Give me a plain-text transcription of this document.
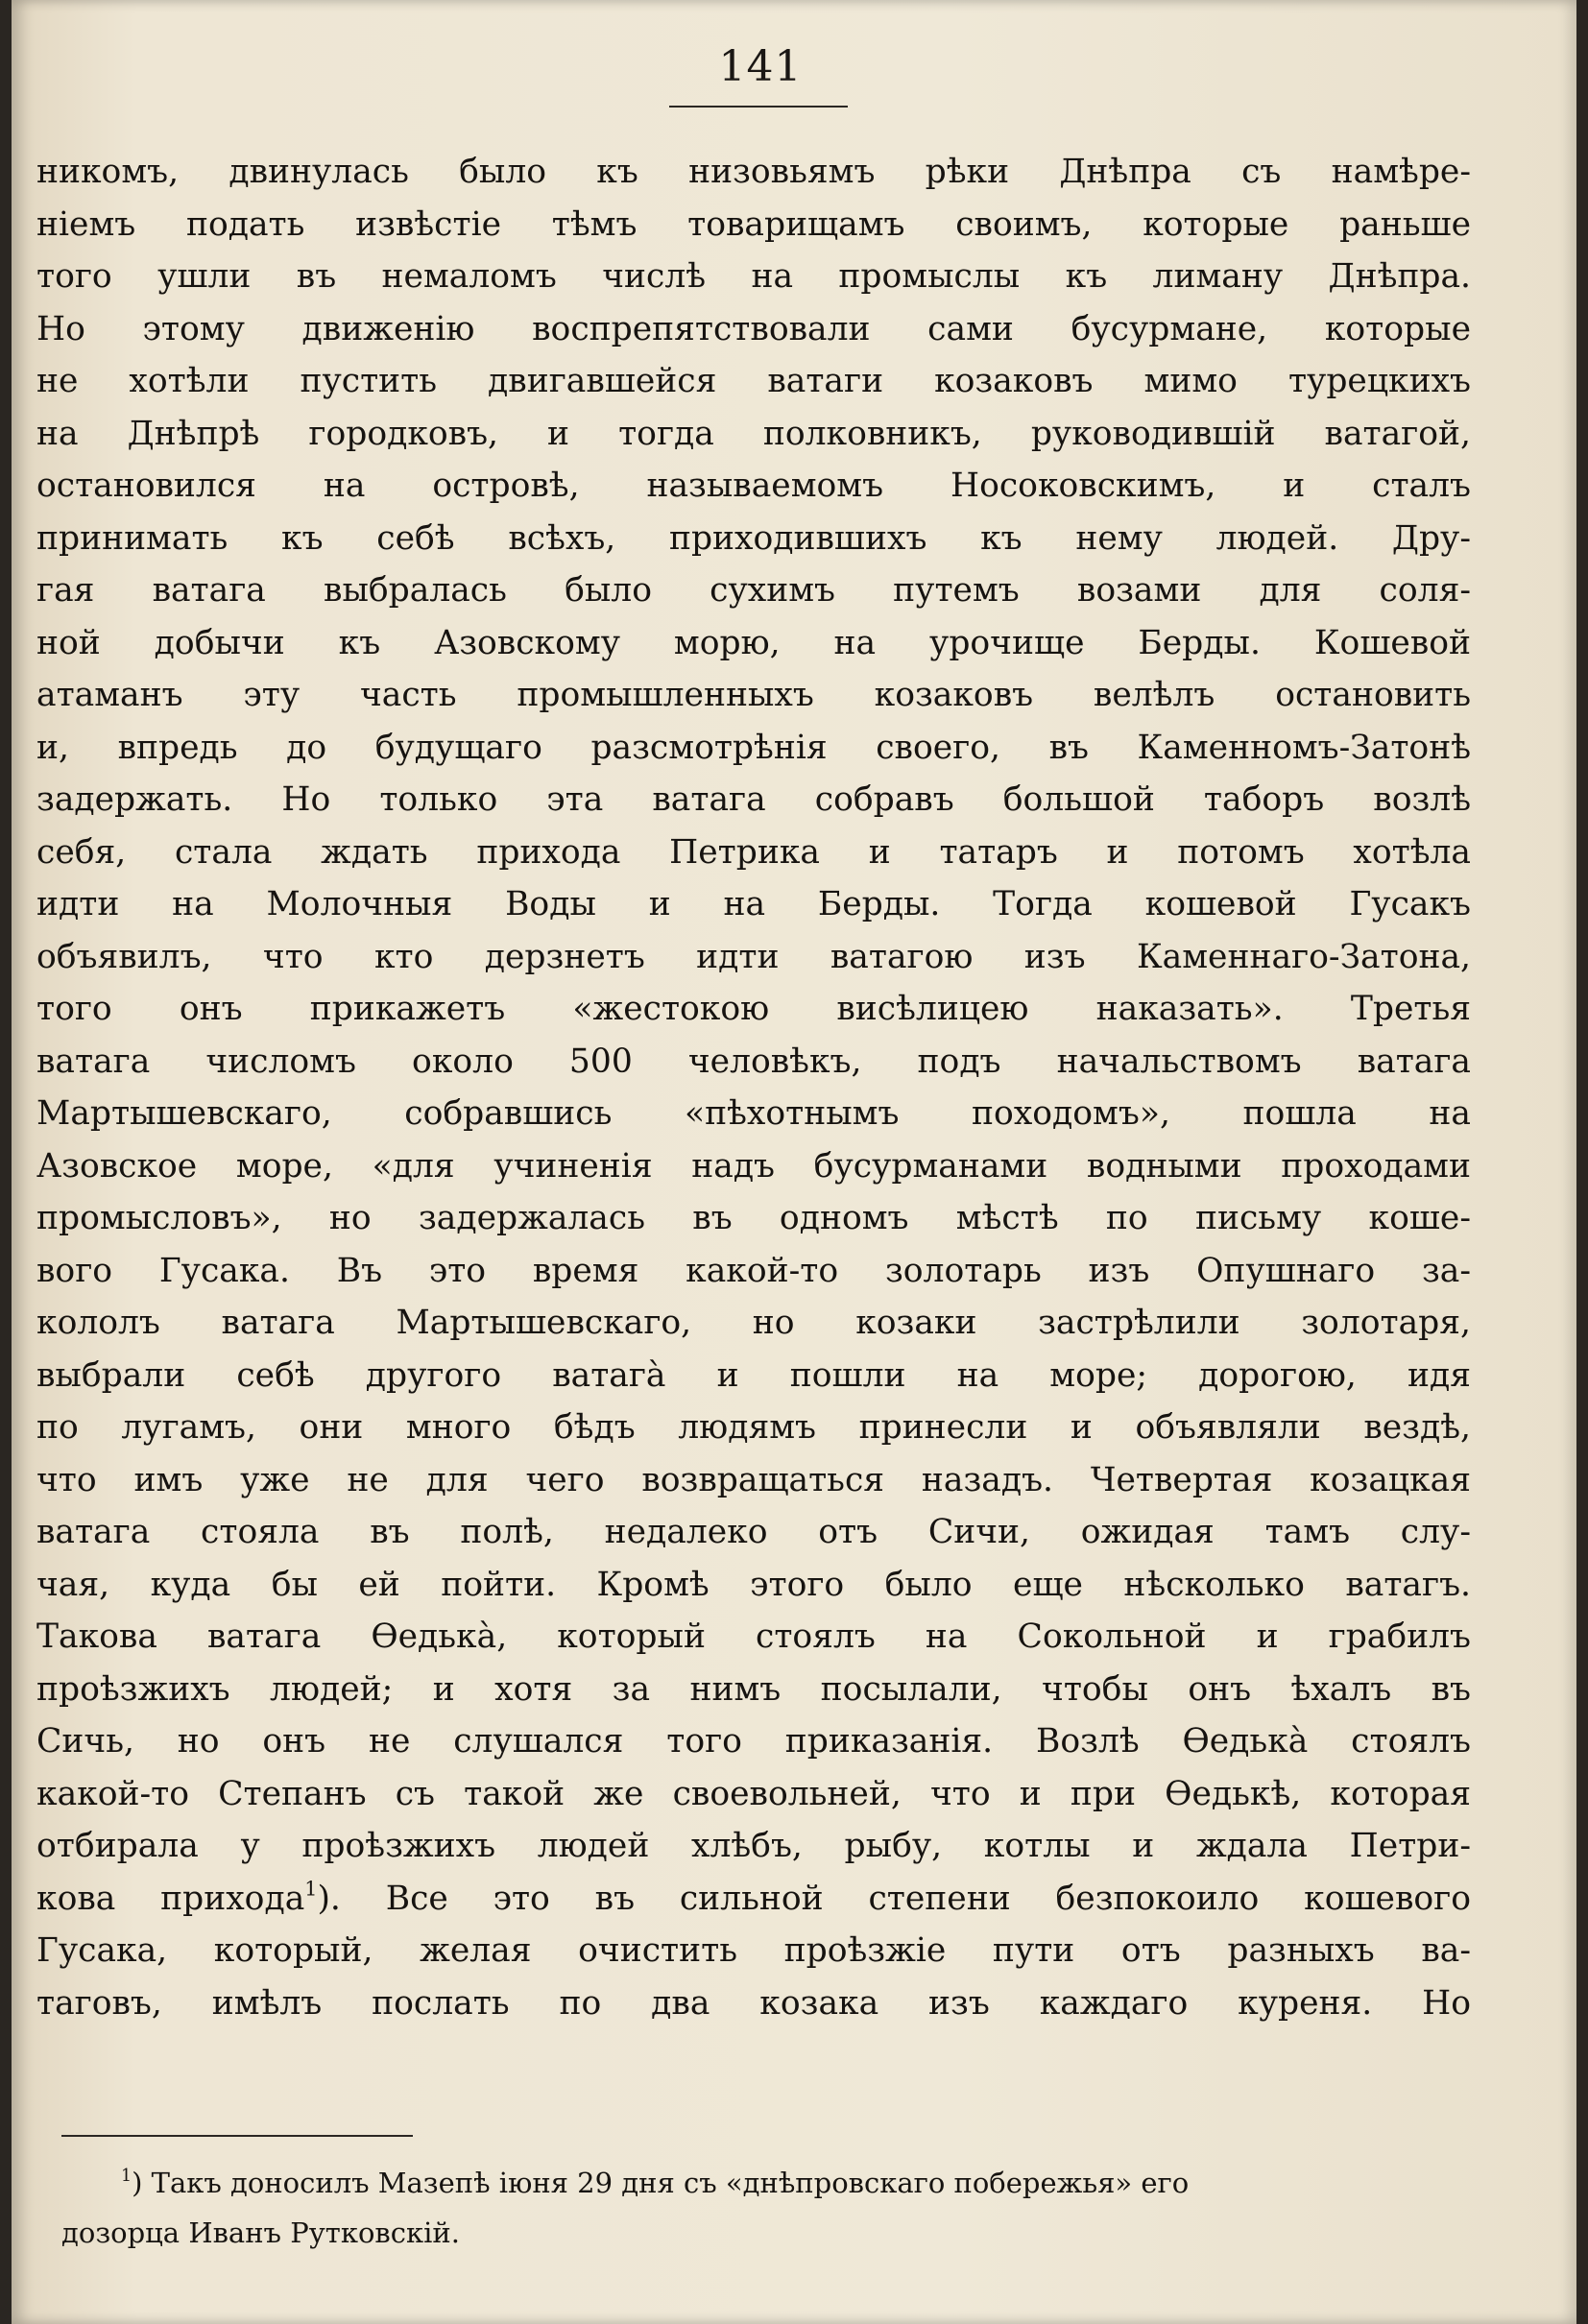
141
никомъ, двинулась было къ низовьямъ рѣки Днѣпра съ намѣре-
ніемъ подать извѣстіе тѣмъ товарищамъ своимъ, которые раньше
того ушли въ немаломъ числѣ на промыслы къ лиману Днѣпра.
Но этому движенію воспрепятствовали сами бусурмане, которые
не хотѣли пустить двигавшейся ватаги козаковъ мимо турецкихъ
на Днѣпрѣ городковъ, и тогда полковникъ, руководившій ватагой,
остановился на островѣ, называемомъ Носоковскимъ, и сталъ
принимать къ себѣ всѣхъ, приходившихъ къ нему людей. Дру-
гая ватага выбралась было сухимъ путемъ возами для соля-
ной добычи къ Азовскому морю, на урочище Берды. Кошевой
атаманъ эту часть промышленныхъ козаковъ велѣлъ остановить
и, впредь до будущаго разсмотрѣнія своего, въ Каменномъ-Затонѣ
задержать. Но только эта ватага собравъ большой таборъ возлѣ
себя, стала ждать прихода Петрика и татаръ и потомъ хотѣла
идти на Молочныя Воды и на Берды. Тогда кошевой Гусакъ
объявилъ, что кто дерзнетъ идти ватагою изъ Каменнаго-Затона,
того онъ прикажетъ «жестокою висѣлицею наказать». Третья
ватага числомъ около 500 человѣкъ, подъ начальствомъ ватага
Мартышевскаго, собравшись «пѣхотнымъ походомъ», пошла на
Азовское море, «для учиненія надъ бусурманами водными проходами
промысловъ», но задержалась въ одномъ мѣстѣ по письму коше-
вого Гусака. Въ это время какой-то золотарь изъ Опушнаго за-
кололъ ватага Мартышевскаго, но козаки застрѣлили золотаря,
выбрали себѣ другого ватагà и пошли на море; дорогою, идя
по лугамъ, они много бѣдъ людямъ принесли и объявляли вездѣ,
что имъ уже не для чего возвращаться назадъ. Четвертая козацкая
ватага стояла въ полѣ, недалеко отъ Сичи, ожидая тамъ слу-
чая, куда бы ей пойти. Кромѣ этого было еще нѣсколько ватагъ.
Такова ватага Ѳедькà, который стоялъ на Сокольной и грабилъ
проѣзжихъ людей; и хотя за нимъ посылали, чтобы онъ ѣхалъ въ
Сичь, но онъ не слушался того приказанія. Возлѣ Ѳедькà стоялъ
какой-то Степанъ съ такой же своевольней, что и при Ѳедькѣ, которая
отбирала у проѣзжихъ людей хлѣбъ, рыбу, котлы и ждала Петри-
кова прихода$^1$). Все это въ сильной степени безпокоило кошевого
Гусака, который, желая очистить проѣзжіе пути отъ разныхъ ва-
таговъ, имѣлъ послать по два козака изъ каждаго куреня. Но
$^1$) Такъ доносилъ Мазепѣ іюня 29 дня съ «днѣпровскаго побережья» его
дозорца Иванъ Рутковскій.
